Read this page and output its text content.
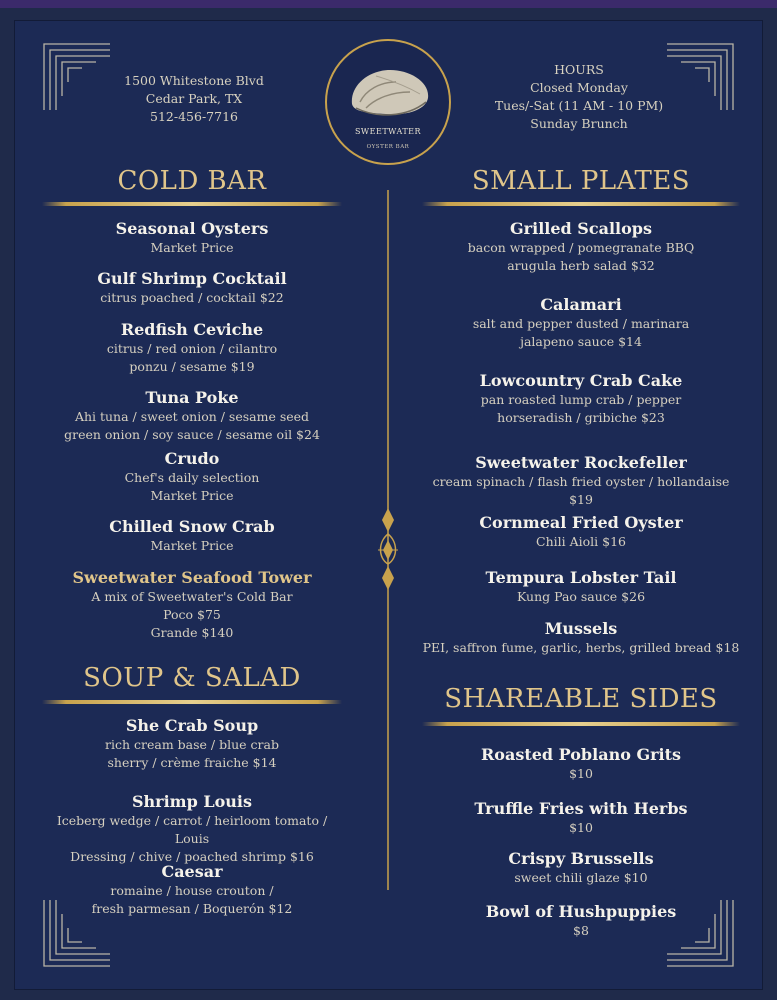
1500 Whitestone Blvd
Cedar Park, TX
512-456-7716
SWEETWATER
OYSTER BAR
HOURS
Closed Monday
Tues/-Sat (11 AM - 10 PM)
Sunday Brunch
COLD BAR
Seasonal Oysters
Market Price
Gulf Shrimp Cocktail
citrus poached / cocktail $22
Redfish Ceviche
citrus / red onion / cilantro
ponzu / sesame $19
Tuna Poke
Ahi tuna / sweet onion / sesame seed
green onion / soy sauce / sesame oil $24
Crudo
Chef's daily selection
Market Price
Chilled Snow Crab
Market Price
Sweetwater Seafood Tower
A mix of Sweetwater's Cold Bar
Poco $75
Grande $140
SOUP & SALAD
She Crab Soup
rich cream base / blue crab
sherry / crème fraiche $14
Shrimp Louis
Iceberg wedge / carrot / heirloom tomato / Louis
Dressing / chive / poached shrimp $16
Caesar
romaine / house crouton /
fresh parmesan / Boquerón $12
SMALL PLATES
Grilled Scallops
bacon wrapped / pomegranate BBQ
arugula herb salad $32
Calamari
salt and pepper dusted / marinara
jalapeno sauce $14
Lowcountry Crab Cake
pan roasted lump crab / pepper
horseradish / gribiche $23
Sweetwater Rockefeller
cream spinach / flash fried oyster / hollandaise $19
Cornmeal Fried Oyster
Chili Aioli $16
Tempura Lobster Tail
Kung Pao sauce $26
Mussels
PEI, saffron fume, garlic, herbs, grilled bread $18
SHAREABLE SIDES
Roasted Poblano Grits
$10
Truffle Fries with Herbs
$10
Crispy Brussells
sweet chili glaze $10
Bowl of Hushpuppies
$8
